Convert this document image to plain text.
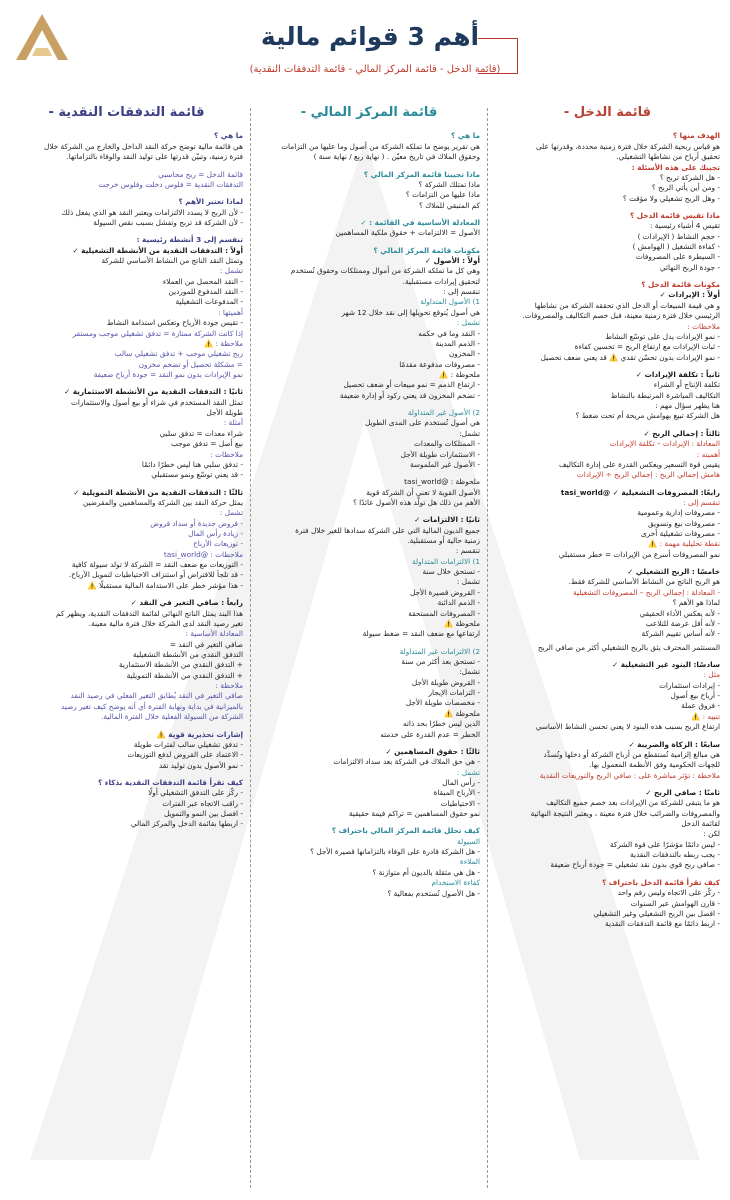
أهم 3 قوائم مالية
(قائمة الدخل - قائمة المركز المالي - قائمة التدفقات النقدية)
قائمة الدخل -
الهدف منها ؟
هو قياس ربحية الشركة خلال فترة زمنية محددة، وقدرتها على
تحقيق أرباح من نشاطها التشغيلي.
تجيبك على هذه الأسئلة :
- هل الشركة تربح ؟
- ومن أين يأتي الربح ؟
- وهل الربح تشغيلي ولا مؤقت ؟
ماذا تقيس قائمة الدخل ؟
تقيس 4 أشياء رئيسية :
- حجم النشاط ( الإيرادات )
- كفاءة التشغيل ( الهوامش )
- السيطرة على المصروفات
- جودة الربح النهائي
مكونات قائمة الدخل ؟
أولاً : الإيرادات ✓
و هي قيمة المبيعات أو الدخل الذي تحققه الشركة من نشاطها
الرئيسي خلال فترة زمنية معينة، قبل خصم التكاليف والمصروفات.
ملاحظات :
- نمو الإيرادات يدل على توسّع النشاط
- ثبات الإيرادات مع ارتفاع الربح = تحسين كفاءة
- نمو الإيرادات بدون تحسّن تقدي ⚠️ قد يعني ضعف تحصيل
ثانياً : تكلفة الإيرادات ✓
تكلفة الإنتاج أو الشراء
التكاليف المباشرة المرتبطة بالنشاط
هنا يظهر سؤال مهم :
هل الشركة تبيع بهوامش مريحة أم تحت ضغط ؟
ثالثاً : إجمالي الربح ✓
المعادلة : الإيرادات – تكلفة الإيرادات
أهميته :
يقيس قوة التسعير ويعكس القدرة على إدارة التكاليف
هامش إجمالي الربح : إجمالي الربح ÷ الإيرادات
رابعًا: المصروفات التشغيلية ✓ @tasi_world
تنقسم إلى :
- مصروفات إدارية وعمومية
- مصروفات بيع وتسويق
- مصروفات تشغيلية أخرى
نقطة تحليلية مهمة : ⚠️
نمو المصروفات أسرع من الإيرادات = خطر مستقبلي
خامسًا : الربح التشغيلي ✓
هو الربح الناتج من النشاط الأساسي للشركة فقط.
- المعادلة : إجمالي الربح – المصروفات التشغيلية
لماذا هو الأهم ؟
- لأنه يعكس الأداء الحقيقي
- لأنه أقل عرضة للتلاعب
- لأنه أساس تقييم الشركة
المستثمر المحترف يثق بالربح التشغيلي أكثر من صافي الربح
سادسًا: البنود غير التشغيلية ✓
مثل :
- إيرادات استثمارات
- أرباح بيع أصول
- فروق عملة
تنبيه : ⚠️
ارتفاع الربح بسبب هذه البنود لا يعني تحسن النشاط الأساسي
سابعًا : الزكاة والضريبة ✓
هي مبالغ إلزامية تُستقطع من أرباح الشركة أو دخلها وتُسدَّد
للجهات الحكومية وفق الأنظمة المعمول بها.
ملاحظة : تؤثر مباشرة على : صافي الربح والتوزيعات النقدية
ثامنًا : صافي الربح ✓
هو ما يتبقى للشركة من الإيرادات بعد خصم جميع التكاليف
والمصروفات والضرائب خلال فترة معينة ، ويعتبر النتيجة النهائية
لقائمة الدخل
لكن :
- ليس دائمًا مؤشرًا على قوة الشركة
- يجب ربطه بالتدفقات النقدية
- صافي ربح قوي بدون نقد تشغيلي = جودة أرباح ضعيفة
كيف تقرأ قائمة الدخل باحتراف ؟
- ركّز على الاتجاه وليس رقم واحد
- قارن الهوامش عبر السنوات
- افصل بين الربح التشغيلي وغير التشغيلي
- اربط دائمًا مع قائمة التدفقات النقدية
قائمة المركز المالي -
ما هي ؟
هي تقرير يوضح ما تملكه الشركة من أصول وما عليها من التزامات
وحقوق الملاك في تاريخ معيّن . ( نهاية ربع / نهاية سنة )
ماذا تجيبنا قائمة المركز المالي ؟
ماذا تمتلك الشركة ؟
ماذا عليها من التزامات ؟
كم المتبقي للملاك ؟
المعادلة الأساسية في القائمة : ✓
الأصول = الالتزامات + حقوق ملكية المساهمين
مكونات قائمة المركز المالي ؟
أولاً : الأصول ✓
وهي كل ما تملكه الشركة من أموال وممتلكات وحقوق تُستخدم
لتحقيق إيرادات مستقبلية.
تنقسم إلى :
1) الأصول المتداولة
هي أصول يُتوقع تحويلها إلى نقد خلال 12 شهر
تشمل :
- النقد وما في حكمه
- الذمم المدينة
- المخزون
- مصروفات مدفوعة مقدمًا
ملحوظة : ⚠️
- ارتفاع الذمم = نمو مبيعات أو ضعف تحصيل
- تضخم المخزون قد يعني ركود أو إدارة ضعيفة
2) الأصول غير المتداولة
هي أصول تُستخدم على المدى الطويل
تشمل:
- الممتلكات والمعدات
- الاستثمارات طويلة الأجل
- الأصول غير الملموسة
ملحوظة : @tasi_world
الأصول القوية لا تعني أن الشركة قوية
الأهم من ذلك هل تولّد هذه الأصول عائدًا ؟
ثانيًا : الالتزامات ✓
جميع الديون المالية التي على الشركة سدادها للغير خلال فترة
زمنية حالية أو مستقبلية.
تنقسم :
1) الالتزامات المتداولة
- تستحق خلال سنة
تشمل :
- القروض قصيرة الأجل
- الذمم الدائنة
- المصروفات المستحقة
ملحوظة ⚠️
ارتفاعها مع ضعف النقد = ضغط سيولة
2) الالتزامات غير المتداولة
- تستحق بعد أكثر من سنة
تشمل:
- القروض طويلة الأجل
- التزامات الإيجار
- مخصصات طويلة الأجل
ملحوظة ⚠️
الدين ليس خطرًا بحد ذاته
الخطر = عدم القدرة على خدمته
ثالثًا : حقوق المساهمين ✓
- هي حق الملاك في الشركة بعد سداد الالتزامات
تشمل :
- رأس المال
- الأرباح المبقاة
- الاحتياطيات
نمو حقوق المساهمين = تراكم قيمة حقيقية
كيف تحلل قائمة المركز المالي باحتراف ؟
السيولة
- هل الشركة قادرة على الوفاء بالتزاماتها قصيرة الأجل ؟
الملاءة
- هل هي مثقلة بالديون أم متوازنة ؟
كفاءة الاستخدام
- هل الأصول تُستخدم بفعالية ؟
قائمة التدفقات النقدية -
ما هي ؟
هي قائمة مالية توضح حركة النقد الداخل والخارج من الشركة خلال
فترة زمنية، وتبيّن قدرتها على توليد النقد والوفاء بالتزاماتها.
قائمة الدخل = ربح محاسبي
التدفقات النقدية = فلوس دخلت وفلوس خرجت
لماذا تعتبر الأهم ؟
- لأن الربح لا يسدد الالتزامات ويعتبر النقد هو الذي يفعل ذلك
- لأن الشركة قد تربح وتفشل بسبب نقص السيولة
تنقسم إلى 3 أنشطة رئيسية :
أولاً : التدفقات النقدية من الأنشطة التشغيلية ✓
وتمثل النقد الناتج من النشاط الأساسي للشركة
تشمل :
- النقد المحصل من العملاء
- النقد المدفوع للموردين
- المدفوعات التشغيلية
أهميتها :
- تقيس جودة الأرباح وتعكس استدامة النشاط
إذا كانت الشركة ممتازة = تدفق تشغيلي موجب ومستقر
ملاحظة : ⚠️
ربح تشغيلي موجب + تدفق تشغيلي سالب
= مشكلة تحصيل أو تضخم مخزون
نمو الإيرادات بدون نمو النقد = جودة أرباح ضعيفة
ثانيًا : التدفقات النقدية من الأنشطة الاستثمارية ✓
تمثل النقد المستخدم في شراء أو بيع أصول والاستثمارات
طويلة الأجل
أمثلة :
شراء معدات = تدفق سلبي
بيع أصل = تدفق موجب
ملاحظات :
- تدفق سلبي هنا ليس خطرًا دائمًا
- قد يعني توسّع ونمو مستقبلي
ثالثًا : التدفقات النقدية من الأنشطة التمويلية ✓
يمثل حركة النقد بين الشركة والمساهمين والمقرضين
تشمل :
- قروض جديدة أو سداد قروض
- زيادة رأس المال
- توزيعات الأرباح
ملاحظات : @tasi_world
- التوزيعات مع ضعف النقد = الشركة لا تولد سيولة كافية
- قد تلجأ للاقتراض أو استنزاف الاحتياطيات لتمويل الأرباح.
- هذا مؤشر خطر على الاستدامة المالية مستقبلًا ⚠️
رابعاً : صافي التغير في النقد ✓
هذا البند يمثل الناتج النهائي لقائمة التدفقات النقدية، ويظهر كم
تغير رصيد النقد لدى الشركة خلال فترة مالية معينة.
المعادلة الأساسية :
صافي التغير في النقد =
التدفق النقدي من الأنشطة التشغيلية
+ التدفق النقدي من الأنشطة الاستثمارية
+ التدفق النقدي من الأنشطة التمويلية
ملاحظة :
صافي التغير في النقد يُطابق التغير الفعلي في رصيد النقد
بالميزانية في بداية ونهاية الفترة أي أنه يوضح كيف تغير رصيد
الشركة من السيولة الفعلية خلال الفترة المالية.
إشارات تحذيرية قوية ⚠️
- تدفق تشغيلي سالب لفترات طويلة
- الاعتماد على القروض لدفع التوزيعات
- نمو الأصول بدون توليد نقد
كيف تقرأ قائمة التدفقات النقدية بذكاء ؟
- ركّز على التدفق التشغيلي أولًا
- راقب الاتجاه عبر الفترات
- افصل بين النمو والتمويل
- اربطها بقائمة الدخل والمركز المالي
